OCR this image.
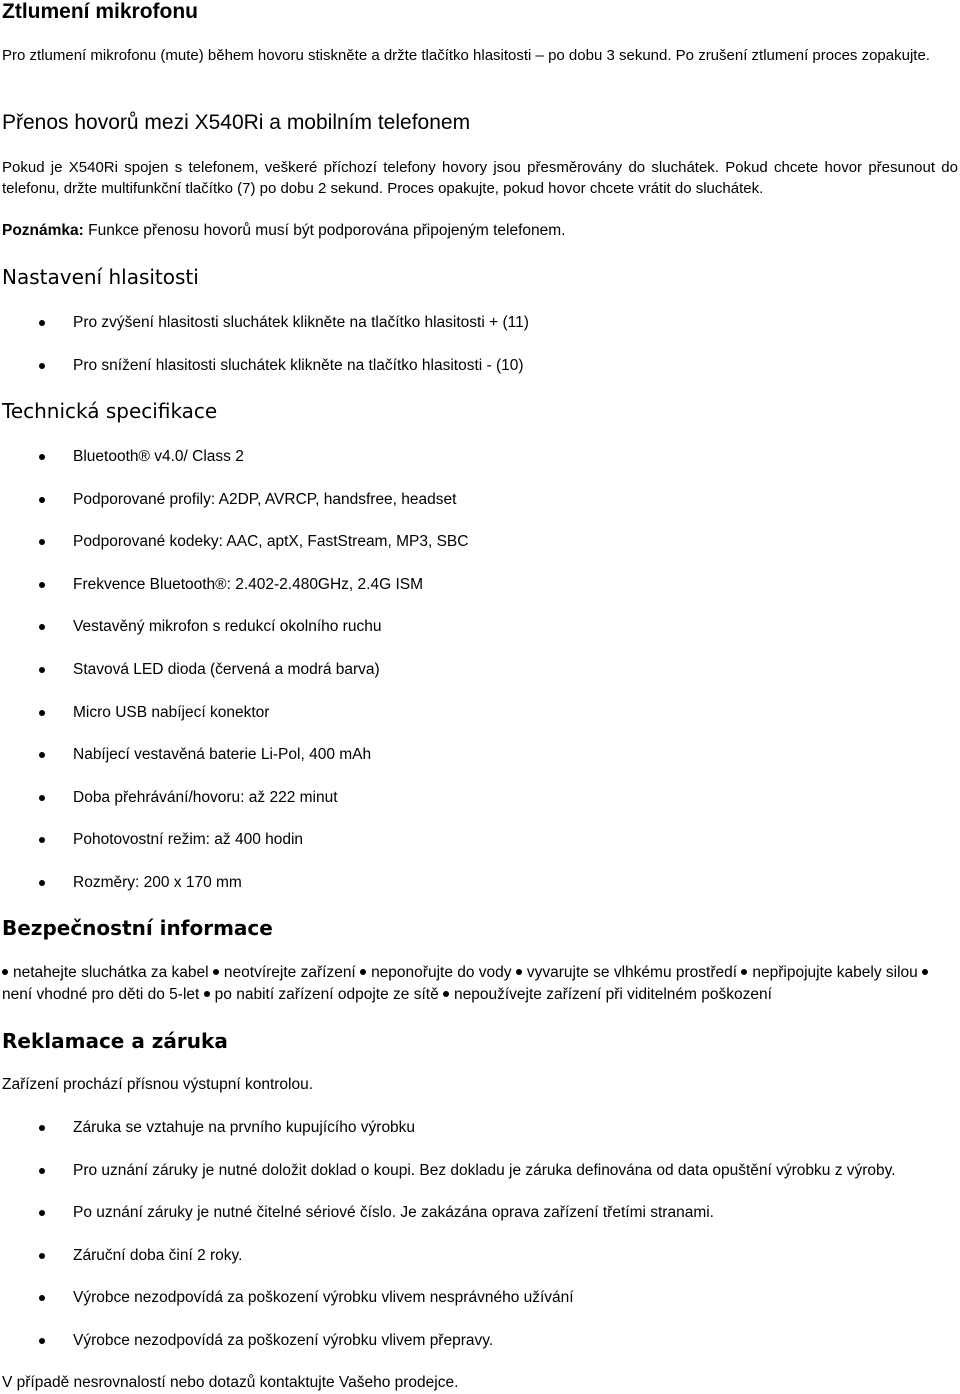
Ztlumení mikrofonu

Pro ztlumení mikrofonu (mute) během hovoru stiskněte a držte tlačítko hlasitosti – po dobu 3 sekund. Po zrušení ztlumení proces zopakujte.

Přenos hovorů mezi X540Ri a mobilním telefonem

Pokud je X540Ri spojen s telefonem, veškeré příchozí telefony hovory jsou přesměrovány do sluchátek. Pokud chcete hovor přesunout do telefonu, držte multifunkční tlačítko (7) po dobu 2 sekund. Proces opakujte, pokud hovor chcete vrátit do sluchátek.

Poznámka: Funkce přenosu hovorů musí být podporována připojeným telefonem.

Nastavení hlasitosti
Pro zvýšení hlasitosti sluchátek klikněte na tlačítko hlasitosti + (11)
Pro snížení hlasitosti sluchátek klikněte na tlačítko hlasitosti - (10)
Technická specifikace
Bluetooth® v4.0/ Class 2
Podporované profily: A2DP, AVRCP, handsfree, headset
Podporované kodeky: AAC, aptX, FastStream, MP3, SBC
Frekvence Bluetooth®: 2.402-2.480GHz, 2.4G ISM
Vestavěný mikrofon s redukcí okolního ruchu
Stavová LED dioda (červená a modrá barva)
Micro USB nabíjecí konektor
Nabíjecí vestavěná baterie Li-Pol, 400 mAh
Doba přehrávání/hovoru: až 222 minut
Pohotovostní režim: až 400 hodin
Rozměry: 200 x 170 mm
Bezpečnostní informace

netahejte sluchátka za kabel neotvírejte zařízení neponořujte do vody vyvarujte se vlhkému prostředí nepřipojujte kabely silou není vhodné pro děti do 5-let po nabití zařízení odpojte ze sítě nepoužívejte zařízení při viditelném poškození

Reklamace a záruka

Zařízení prochází přísnou výstupní kontrolou.

Záruka se vztahuje na prvního kupujícího výrobku
Pro uznání záruky je nutné doložit doklad o koupi. Bez dokladu je záruka definována od data opuštění výrobku z výroby.
Po uznání záruky je nutné čitelné sériové číslo. Je zakázána oprava zařízení třetími stranami.
Záruční doba činí 2 roky.
Výrobce nezodpovídá za poškození výrobku vlivem nesprávného užívání
Výrobce nezodpovídá za poškození výrobku vlivem přepravy.

V případě nesrovnalostí nebo dotazů kontaktujte Vašeho prodejce.
